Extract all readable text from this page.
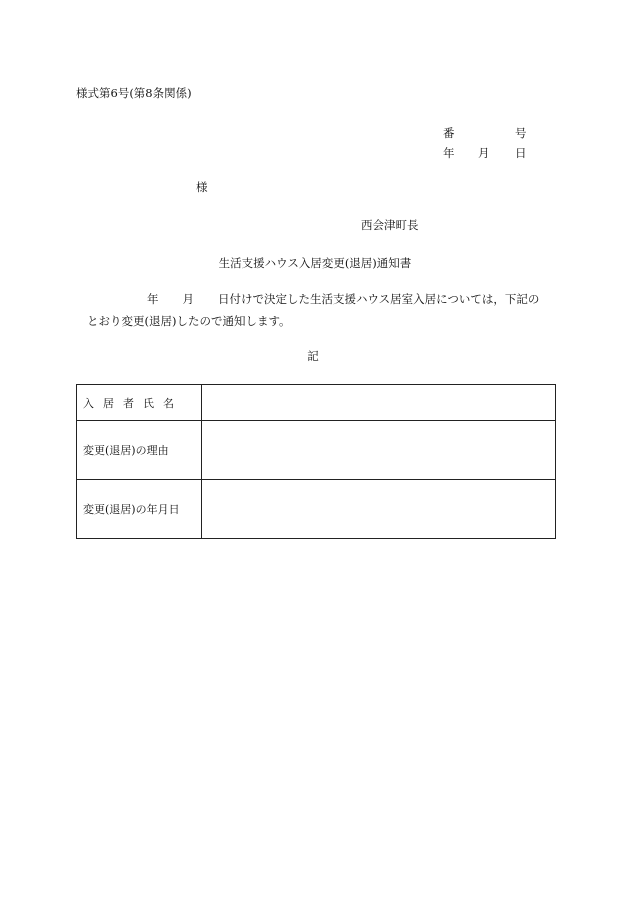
様式第6号(第8条関係)
番	号
年	月	日
様
西会津町長
生活支援ハウス入居変更(退居)通知書
年 月 日付けで決定した生活支援ハウス居室入居については，下記の
とおり変更(退居)したので通知します。
記
入居者氏名	
変更(退居)の理由	
変更(退居)の年月日	
